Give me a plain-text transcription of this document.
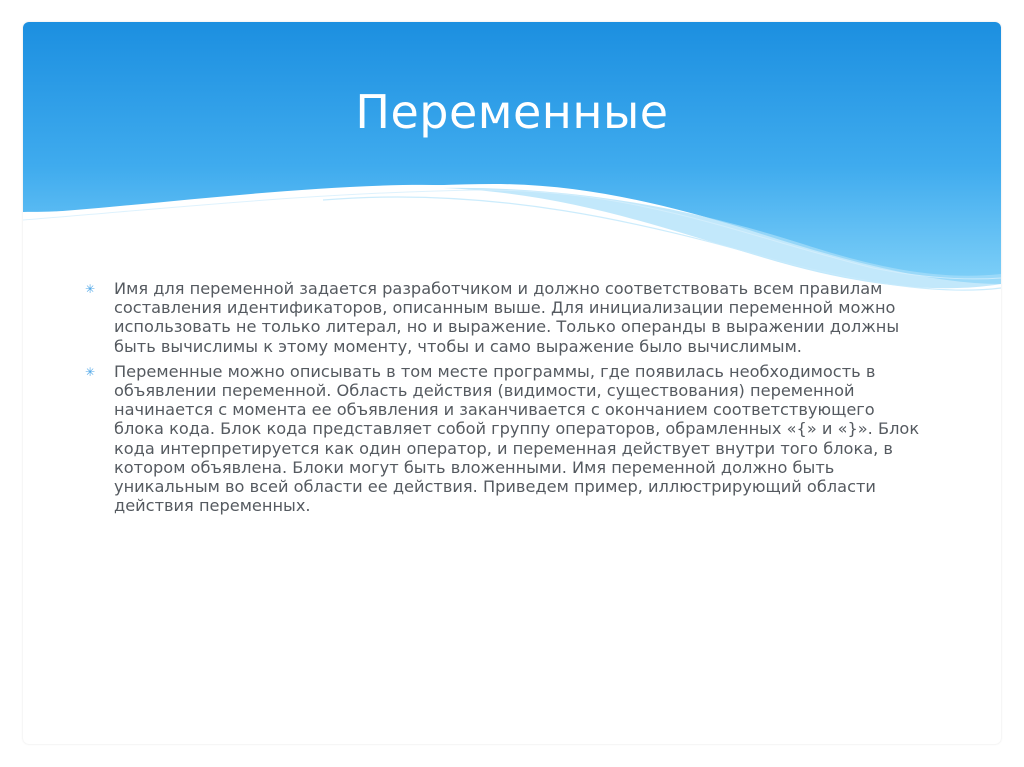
Переменные
✳ Имя для переменной задается разработчиком и должно соответствовать всем правилам составления идентификаторов, описанным выше. Для инициализации переменной можно использовать не только литерал, но и выражение. Только операнды в выражении должны быть вычислимы к этому моменту, чтобы и само выражение было вычислимым.
✳ Переменные можно описывать в том месте программы, где появилась необходимость в объявлении переменной. Область действия (видимости, существования) переменной начинается с момента ее объявления и заканчивается с окончанием соответствующего блока кода. Блок кода представляет собой группу операторов, обрамленных «{» и «}». Блок кода интерпретируется как один оператор, и переменная действует внутри того блока, в котором объявлена. Блоки могут быть вложенными. Имя переменной должно быть уникальным во всей области ее действия. Приведем пример, иллюстрирующий области действия переменных.
